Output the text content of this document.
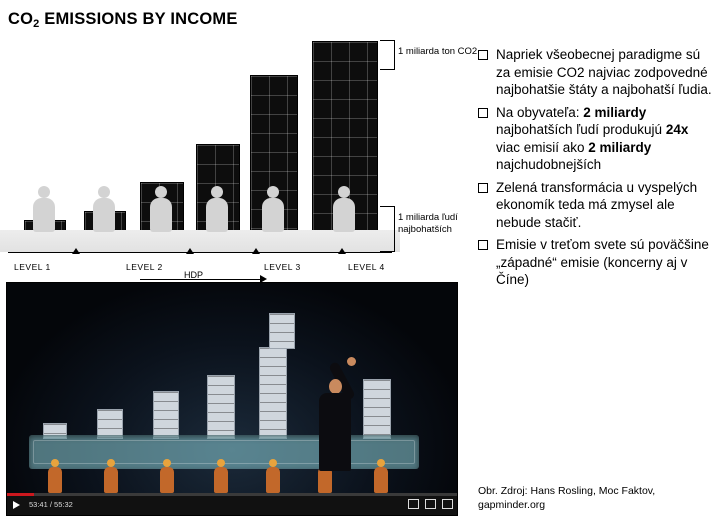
$CO_2$ EMISSIONS BY INCOME
LEVEL 1	LEVEL 2	LEVEL 3	LEVEL 4
HDP
1 miliarda ton CO2
1 miliarda ľudí najbohatších
53:41 / 55:32

Napriek všeobecnej paradigme sú za emisie CO2 najviac zodpovedné najbohatšie štáty a najbohatší ľudia.
Na obyvateľa: 2 miliardy najbohatších ľudí produkujú 24x viac emisií ako 2 miliardy najchudobnejších
Zelená transformácia u vyspelých ekonomík teda má zmysel ale nebude stačiť.
Emisie v treťom svete sú poväčšine „západné“ emisie (koncerny aj v Číne)
Obr. Zdroj: Hans Rosling, Moc Faktov, gapminder.org
